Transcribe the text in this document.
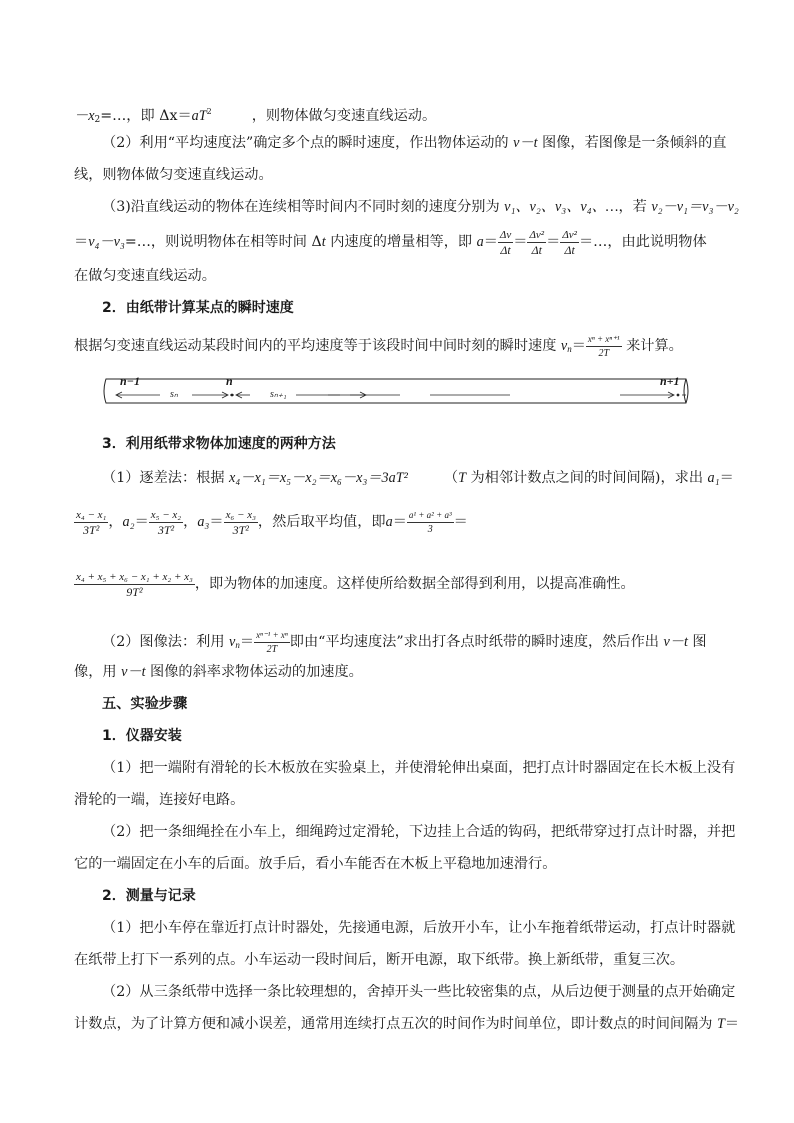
$-x_2=\dots$，即 $\Delta x=aT^2$	，则物体做匀变速直线运动。
（2）利用“平均速度法”确定多个点的瞬时速度，作出物体运动的 v－t 图像，若图像是一条倾斜的直
线，则物体做匀变速直线运动。
（3)沿直线运动的物体在连续相等时间内不同时刻的速度分别为 v₁、v₂、v₃、v₄、…，若 v₂－v₁＝v₃－v₂
＝v₄－v₃=…，则说明物体在相等时间 Δt 内速度的增量相等，即 $a= \frac{\Delta v}{\Delta t} = \frac{\text{Δv²}}{\Delta t} = \frac{\text{Δv²}}{\Delta t}$ ＝…，由此说明物体
在做匀变速直线运动。
2．由纸带计算某点的瞬时速度
根据匀变速直线运动某段时间内的平均速度等于该段时间中间时刻的瞬时速度 $v_n= \frac{\text{xⁿ + xⁿ⁺¹}}{2T}$ 来计算。
n−1	n	n+1
sₙ	sₙ₊₁
3．利用纸带求物体加速度的两种方法
（1）逐差法：根据 x₄－x₁＝x₅－x₂＝x₆－x₃＝3aT²	（T 为相邻计数点之间的时间间隔)，求出 a₁＝
$\frac{\text{x₄ − x₁}}{\text{3T²}}$ ，$a_2= \frac{\text{x₅ − x₂}}{\text{3T²}}$ ，$a_3= \frac{\text{x₆ − x₃}}{\text{3T²}}$ ，然后取平均值，即$a= \frac{\text{a¹ + a² + a³}}{3}$ ＝
$\frac{\text{x₄ + x₅ + x₆ − x₁ + x₂ + x₃}}{\text{9T²}}$ ，即为物体的加速度。这样使所给数据全部得到利用，以提高准确性。
（2）图像法：利用 $v_n= \frac{\text{xⁿ⁻¹ + xⁿ}}{2T}$ 即由“平均速度法”求出打各点时纸带的瞬时速度，然后作出 v－t 图
像，用 v－t 图像的斜率求物体运动的加速度。
五、实验步骤
1．仪器安装
（1）把一端附有滑轮的长木板放在实验桌上，并使滑轮伸出桌面，把打点计时器固定在长木板上没有
滑轮的一端，连接好电路。
（2）把一条细绳拴在小车上，细绳跨过定滑轮，下边挂上合适的钩码，把纸带穿过打点计时器，并把
它的一端固定在小车的后面。放手后，看小车能否在木板上平稳地加速滑行。
2．测量与记录
（1）把小车停在靠近打点计时器处，先接通电源，后放开小车，让小车拖着纸带运动，打点计时器就
在纸带上打下一系列的点。小车运动一段时间后，断开电源，取下纸带。换上新纸带，重复三次。
（2）从三条纸带中选择一条比较理想的，舍掉开头一些比较密集的点，从后边便于测量的点开始确定
计数点，为了计算方便和减小误差，通常用连续打点五次的时间作为时间单位，即计数点的时间间隔为 T＝
